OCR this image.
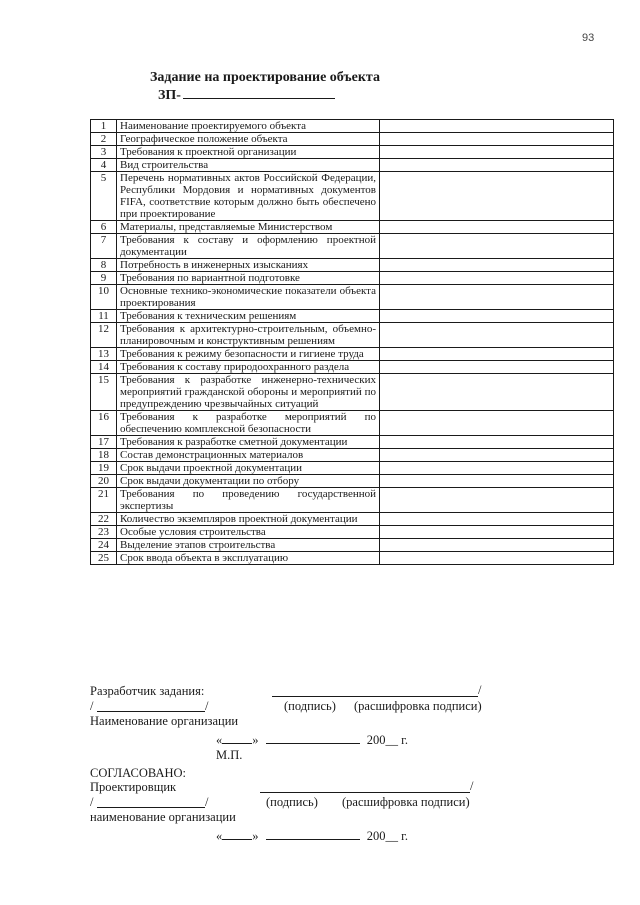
93
Задание на проектирование объекта
ЗП-
1	Наименование проектируемого объекта	
2	Географическое положение объекта	
3	Требования к проектной организации	
4	Вид строительства	
5	Перечень нормативных актов Российской Федерации, Республики Мордовия и нормативных документов FIFA, соответствие которым должно быть обеспечено при проектирование	
6	Материалы, представляемые Министерством	
7	Требования к составу и оформлению проектной документации	
8	Потребность в инженерных изысканиях	
9	Требования по вариантной подготовке	
10	Основные технико-экономические показатели объекта проектирования	
11	Требования к техническим решениям	
12	Требования к архитектурно-строительным, объемно-планировочным и конструктивным решениям	
13	Требования к режиму безопасности и гигиене труда	
14	Требования к составу природоохранного раздела	
15	Требования к разработке инженерно-технических мероприятий гражданской обороны и мероприятий по предупреждению чрезвычайных ситуаций	
16	Требования к разработке мероприятий по обеспечению комплексной безопасности	
17	Требования к разработке сметной документации	
18	Состав демонстрационных материалов	
19	Срок выдачи проектной документации	
20	Срок выдачи документации по отбору	
21	Требования по проведению государственной экспертизы	
22	Количество экземпляров проектной документации	
23	Особые условия строительства	
24	Выделение этапов строительства	
25	Срок ввода объекта в эксплуатацию	
Разработчик задания:	/
/	/	(подпись) (расшифровка подписи)
Наименование организации
« »	200__ г.
М.П.
СОГЛАСОВАНО:
Проектировщик	/
/	/	(подпись) (расшифровка подписи)
наименование организации
« »	200__ г.
